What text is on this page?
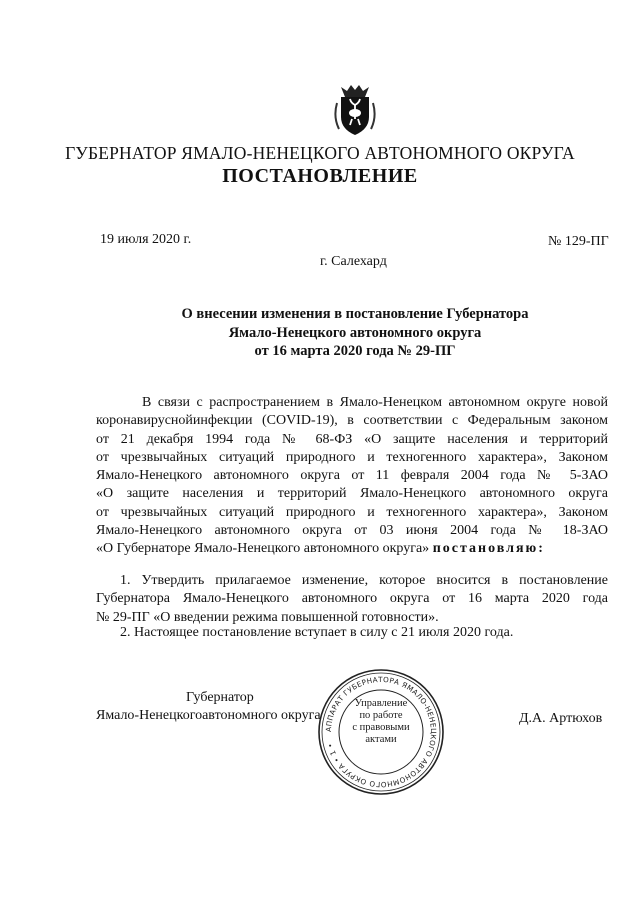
ГУБЕРНАТОР ЯМАЛО-НЕНЕЦКОГО АВТОНОМНОГО ОКРУГА
ПОСТАНОВЛЕНИЕ
19 июля 2020 г.	№ 129-ПГ
г. Салехард
О внесении изменения в постановление Губернатора
Ямало-Ненецкого автономного округа
от 16 марта 2020 года № 29-ПГ
В связи с распространением в Ямало-Ненецком автономном округе новой
коронавируснойинфекции (COVID-19), в соответствии с Федеральным законом
от 21 декабря 1994 года № 68-ФЗ «О защите населения и территорий
от чрезвычайных ситуаций природного и техногенного характера», Законом
Ямало-Ненецкого автономного округа от 11 февраля 2004 года № 5-ЗАО
«О защите населения и территорий Ямало-Ненецкого автономного округа
от чрезвычайных ситуаций природного и техногенного характера», Законом
Ямало-Ненецкого автономного округа от 03 июня 2004 года № 18-ЗАО
«О Губернаторе Ямало-Ненецкого автономного округа» постановляю:
1. Утвердить прилагаемое изменение, которое вносится в постановление
Губернатора Ямало-Ненецкого автономного округа от 16 марта 2020 года
№ 29-ПГ «О введении режима повышенной готовности».
2. Настоящее постановление вступает в силу с 21 июля 2020 года.
Губернатор
Ямало-Ненецкогоавтономного округа	Д.А. Артюхов
АППАРАТ ГУБЕРНАТОРА ЯМАЛО-НЕНЕЦКОГО АВТОНОМНОГО ОКРУГА • 1 •
Управление
по работе
с правовыми
актами
